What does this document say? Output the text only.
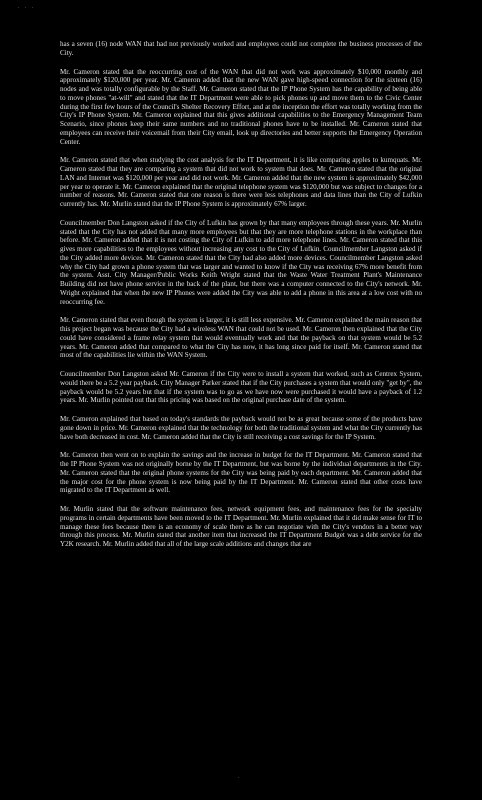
· · ·

has a seven (16) node WAN that had not previously worked and employees could not complete the business processes of the City.

Mr. Cameron stated that the reoccurring cost of the WAN that did not work was approximately $10,000 monthly and approximately $120,000 per year. Mr. Cameron added that the new WAN gave high-speed connection for the sixteen (16) nodes and was totally configurable by the Staff. Mr. Cameron stated that the IP Phone System has the capability of being able to move phones "at-will" and stated that the IT Department were able to pick phones up and move them to the Civic Center during the first few hours of the Council's Shelter Recovery Effort, and at the inception the effort was totally working from the City's IP Phone System. Mr. Cameron explained that this gives additional capabilities to the Emergency Management Team Scenario, since phones keep their same numbers and no traditional phones have to be installed. Mr. Cameron stated that employees can receive their voicemail from their City email, look up directories and better supports the Emergency Operation Center.

Mr. Cameron stated that when studying the cost analysis for the IT Department, it is like comparing apples to kumquats. Mr. Cameron stated that they are comparing a system that did not work to system that does. Mr. Cameron stated that the original LAN and Internet was $120,000 per year and did not work. Mr. Cameron added that the new system is approximately $42,000 per year to operate it. Mr. Cameron explained that the original telephone system was $120,000 but was subject to changes for a number of reasons. Mr. Cameron stated that one reason is there were less telephones and data lines than the City of Lufkin currently has. Mr. Murlin stated that the IP Phone System is approximately 67% larger.

Councilmember Don Langston asked if the City of Lufkin has grown by that many employees through these years. Mr. Murlin stated that the City has not added that many more employees but that they are more telephone stations in the workplace than before. Mr. Cameron added that it is not costing the City of Lufkin to add more telephone lines. Mr. Cameron stated that this gives more capabilities to the employees without increasing any cost to the City of Lufkin. Councilmember Langston asked if the City added more devices. Mr. Cameron stated that the City had also added more devices. Councilmember Langston asked why the City had grown a phone system that was larger and wanted to know if the City was receiving 67% more benefit from the system. Asst. City Manager/Public Works Keith Wright stated that the Waste Water Treatment Plant's Maintenance Building did not have phone service in the back of the plant, but there was a computer connected to the City's network. Mr. Wright explained that when the new IP Phones were added the City was able to add a phone in this area at a low cost with no reoccurring fee.

Mr. Cameron stated that even though the system is larger, it is still less expensive. Mr. Cameron explained the main reason that this project began was because the City had a wireless WAN that could not be used. Mr. Cameron then explained that the City could have considered a frame relay system that would eventually work and that the payback on that system would be 5.2 years. Mr. Cameron added that compared to what the City has now, it has long since paid for itself. Mr. Cameron stated that most of the capabilities lie within the WAN System.

Councilmember Don Langston asked Mr. Cameron if the City were to install a system that worked, such as Centrex System, would there be a 5.2 year payback. City Manager Parker stated that if the City purchases a system that would only "get by", the payback would be 5.2 years but that if the system was to go as we have now were purchased it would have a payback of 1.2 years. Mr. Murlin pointed out that this pricing was based on the original purchase date of the system.

Mr. Cameron explained that based on today's standards the payback would not be as great because some of the products have gone down in price. Mr. Cameron explained that the technology for both the traditional system and what the City currently has have both decreased in cost. Mr. Cameron added that the City is still receiving a cost savings for the IP System.

Mr. Cameron then went on to explain the savings and the increase in budget for the IT Department. Mr. Cameron stated that the IP Phone System was not originally borne by the IT Department, but was borne by the individual departments in the City. Mr. Cameron stated that the original phone systems for the City was being paid by each department. Mr. Cameron added that the major cost for the phone system is now being paid by the IT Department. Mr. Cameron stated that other costs have migrated to the IT Department as well.

Mr. Murlin stated that the software maintenance fees, network equipment fees, and maintenance fees for the specialty programs in certain departments have been moved to the IT Department. Mr. Murlin explained that it did make sense for IT to manage these fees because there is an economy of scale there as he can negotiate with the City's vendors in a better way through this process. Mr. Murlin stated that another item that increased the IT Department Budget was a debt service for the Y2K research. Mr. Murlin added that all of the large scale additions and changes that are

·
